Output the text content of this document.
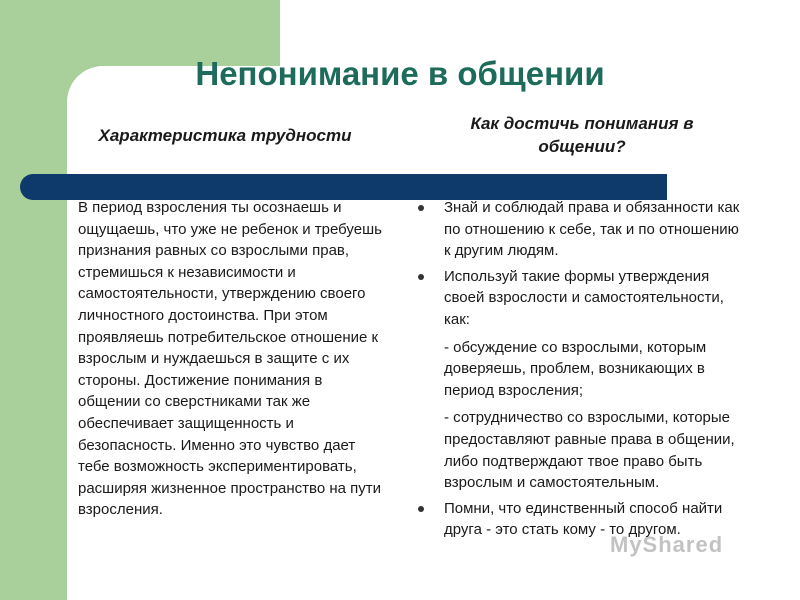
Непонимание в общении
Характеристика трудности
Как достичь понимания в общении?
В период взросления ты осознаешь и ощущаешь, что уже не ребенок и требуешь признания равных со взрослыми прав, стремишься к независимости и самостоятельности, утверждению своего личностного достоинства. При этом проявляешь потребительское отношение к взрослым и нуждаешься в защите с их стороны. Достижение понимания в общении со сверстниками так же обеспечивает защищенность и безопасность. Именно это чувство дает тебе возможность экспериментировать, расширяя жизненное пространство на пути взросления.
Знай и соблюдай права и обязанности как по отношению к себе, так и по отношению к другим людям.
Используй такие формы утверждения своей взрослости и самостоятельности, как:
- обсуждение со взрослыми, которым доверяешь, проблем, возникающих в период взросления;
- сотрудничество со взрослыми, которые предоставляют равные права в общении, либо подтверждают твое право быть взрослым и самостоятельным.
Помни, что единственный способ найти друга - это стать кому - то другом.
MyShared
